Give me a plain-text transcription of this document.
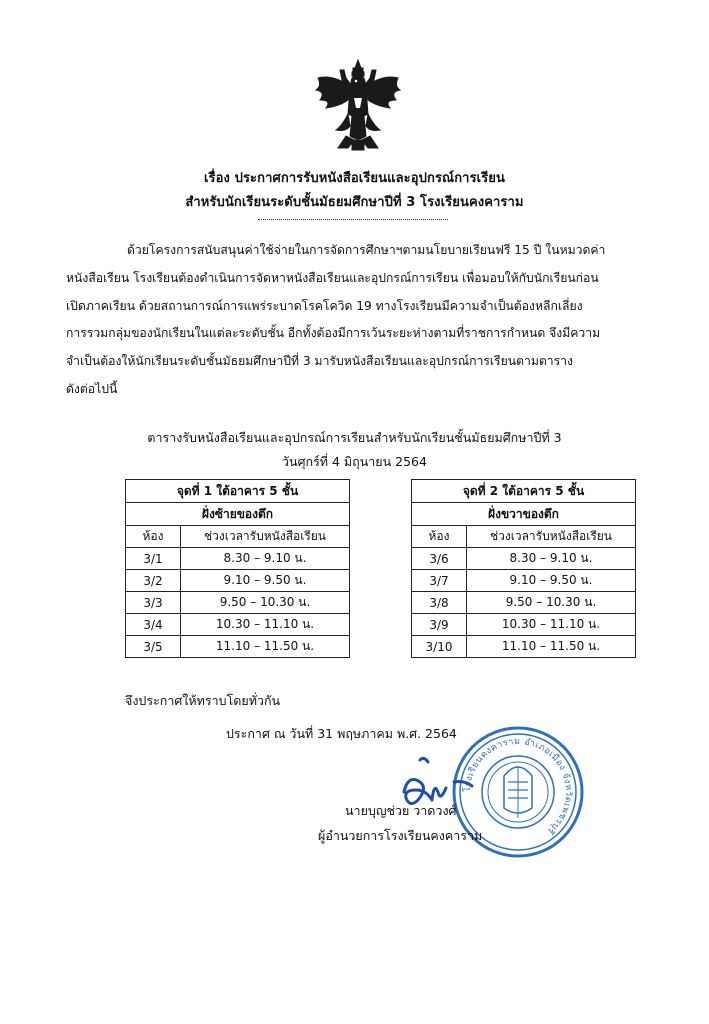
เรื่อง ประกาศการรับหนังสือเรียนและอุปกรณ์การเรียน
สำหรับนักเรียนระดับชั้นมัธยมศึกษาปีที่ 3 โรงเรียนคงคาราม
ด้วยโครงการสนับสนุนค่าใช้จ่ายในการจัดการศึกษาฯตามนโยบายเรียนฟรี 15 ปี ในหมวดค่า
หนังสือเรียน โรงเรียนต้องดำเนินการจัดหาหนังสือเรียนและอุปกรณ์การเรียน เพื่อมอบให้กับนักเรียนก่อน
เปิดภาคเรียน ด้วยสถานการณ์การแพร่ระบาดโรคโควิด 19 ทางโรงเรียนมีความจำเป็นต้องหลีกเลี่ยง
การรวมกลุ่มของนักเรียนในแต่ละระดับชั้น อีกทั้งต้องมีการเว้นระยะห่างตามที่ราชการกำหนด จึงมีความ
จำเป็นต้องให้นักเรียนระดับชั้นมัธยมศึกษาปีที่ 3 มารับหนังสือเรียนและอุปกรณ์การเรียนตามตาราง
ดังต่อไปนี้
ตารางรับหนังสือเรียนและอุปกรณ์การเรียนสำหรับนักเรียนชั้นมัธยมศึกษาปีที่ 3
วันศุกร์ที่ 4 มิถุนายน 2564
จุดที่ 1 ใต้อาคาร 5 ชั้น	
ฝั่งซ้ายของตึก	
ห้อง	ช่วงเวลารับหนังสือเรียน
3/1	8.30 – 9.10 น.
3/2	9.10 – 9.50 น.
3/3	9.50 – 10.30 น.
3/4	10.30 – 11.10 น.
3/5	11.10 – 11.50 น.
จุดที่ 2 ใต้อาคาร 5 ชั้น	
ฝั่งขวาของตึก	
ห้อง	ช่วงเวลารับหนังสือเรียน
3/6	8.30 – 9.10 น.
3/7	9.10 – 9.50 น.
3/8	9.50 – 10.30 น.
3/9	10.30 – 11.10 น.
3/10	11.10 – 11.50 น.
จึงประกาศให้ทราบโดยทั่วกัน
ประกาศ ณ วันที่ 31 พฤษภาคม พ.ศ. 2564
โรงเรียนคงคาราม อำเภอเมือง จังหวัดเพชรบุรี
นายบุญช่วย วาดวงศ์
ผู้อำนวยการโรงเรียนคงคาราม
